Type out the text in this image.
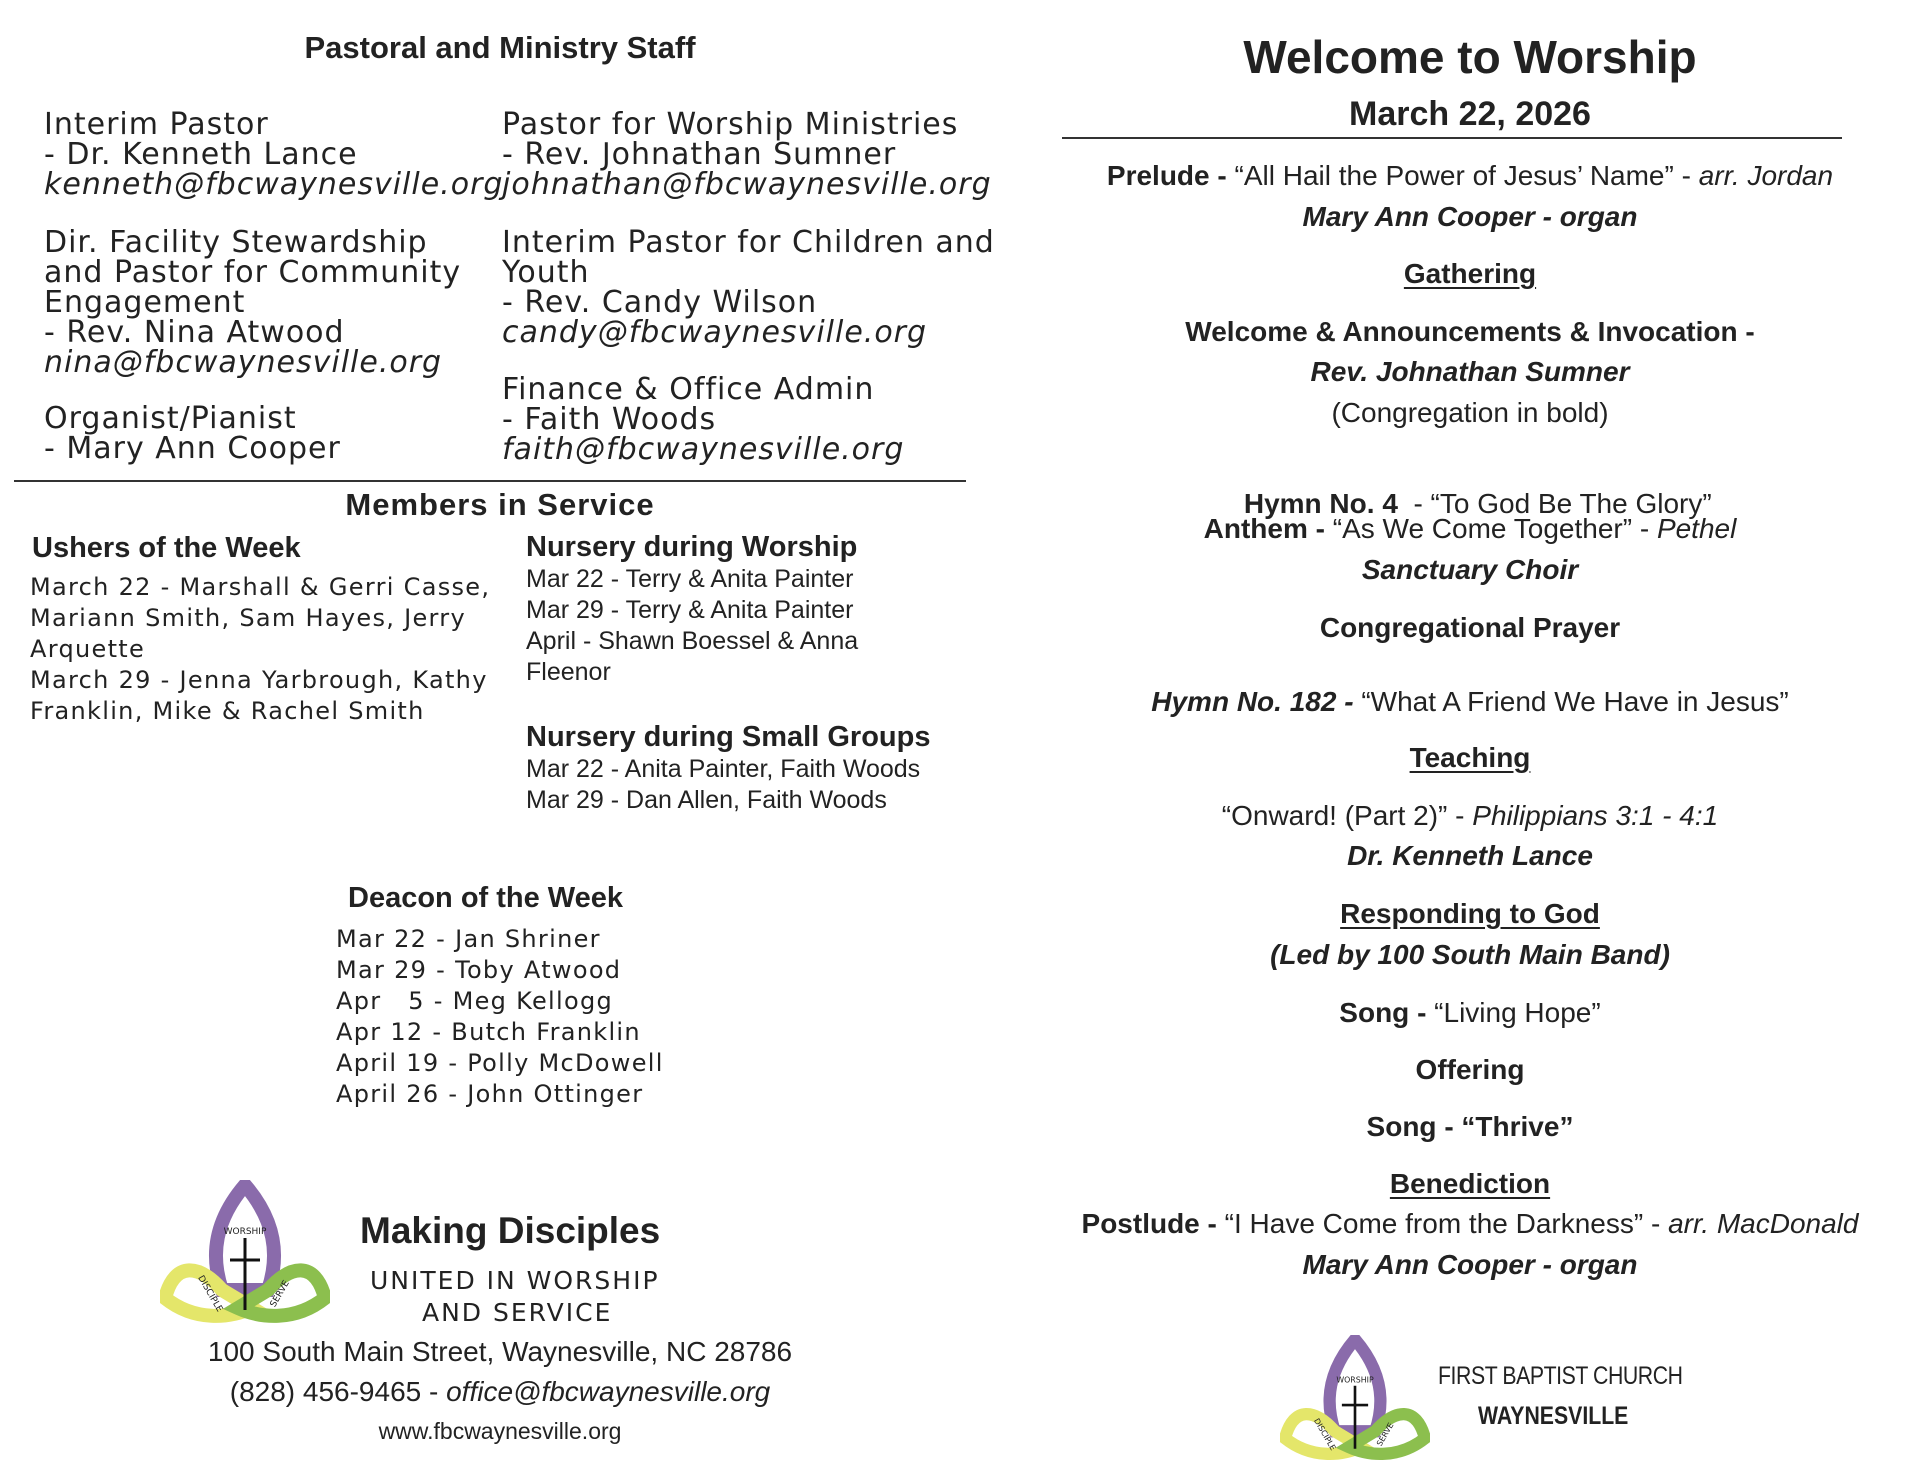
Pastoral and Ministry Staff
Interim Pastor
- Dr. Kenneth Lance
kenneth@fbcwaynesville.org
Pastor for Worship Ministries
- Rev. Johnathan Sumner
johnathan@fbcwaynesville.org
Dir. Facility Stewardship
and Pastor for Community
Engagement
- Rev. Nina Atwood
nina@fbcwaynesville.org
Interim Pastor for Children and
Youth
- Rev. Candy Wilson
candy@fbcwaynesville.org
Organist/Pianist
- Mary Ann Cooper
Finance & Office Admin
- Faith Woods
faith@fbcwaynesville.org
Members in Service
Ushers of the Week
March 22 - Marshall & Gerri Casse,
Mariann Smith, Sam Hayes, Jerry
Arquette
March 29 - Jenna Yarbrough, Kathy
Franklin, Mike & Rachel Smith
Nursery during Worship
Mar 22 - Terry & Anita Painter
Mar 29 - Terry & Anita Painter
April - Shawn Boessel & Anna
Fleenor
Nursery during Small Groups
Mar 22 - Anita Painter, Faith Woods
Mar 29 - Dan Allen, Faith Woods
Deacon of the Week
Mar 22 - Jan Shriner
Mar 29 - Toby Atwood
Apr   5 - Meg Kellogg
Apr 12 - Butch Franklin
April 19 - Polly McDowell
April 26 - John Ottinger
WORSHIP
DISCIPLE	SERVE
Making Disciples
UNITED IN WORSHIP
AND SERVICE
100 South Main Street, Waynesville, NC 28786
(828) 456-9465 - office@fbcwaynesville.org
www.fbcwaynesville.org
Welcome to Worship
March 22, 2026
Prelude - “All Hail the Power of Jesus’ Name” - arr. Jordan
Mary Ann Cooper - organ
Gathering
Welcome & Announcements & Invocation -
Rev. Johnathan Sumner
(Congregation in bold)

Hymn No. 4  - “To God Be The Glory”

Anthem - “As We Come Together” - Pethel
Sanctuary Choir
Congregational Prayer
Hymn No. 182 - “What A Friend We Have in Jesus”
Teaching
“Onward! (Part 2)” - Philippians 3:1 - 4:1
Dr. Kenneth Lance
Responding to God
(Led by 100 South Main Band)
Song - “Living Hope”
Offering
Song - “Thrive”
Benediction
Postlude - “I Have Come from the Darkness” - arr. MacDonald
Mary Ann Cooper - organ
WORSHIP
DISCIPLE	SERVE
FIRST BAPTIST CHURCH
WAYNESVILLE
